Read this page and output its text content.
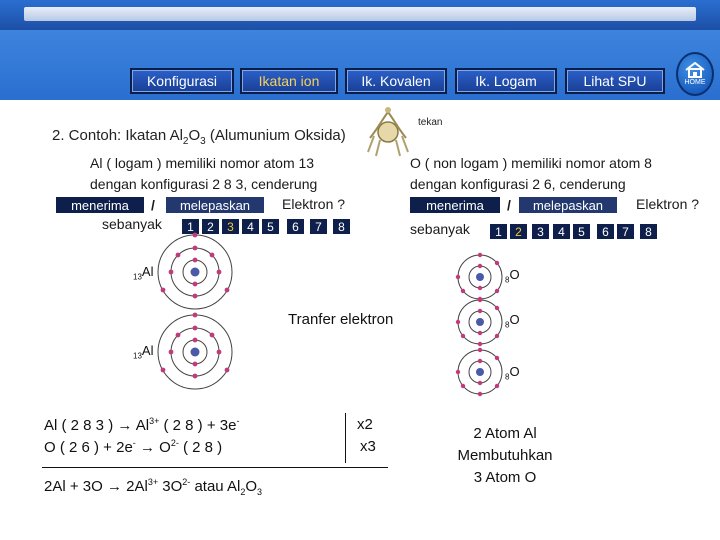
Konfigurasi	Ikatan ion	Ik. Kovalen	Ik. Logam	Lihat SPU	HOME
2. Contoh: Ikatan $Al_2O_3$ (Alumunium Oksida)
tekan
Al ( logam ) memiliki nomor atom 13
dengan konfigurasi 2 8 3, cenderung
menerima	/	melepaskan	Elektron ?
sebanyak	1	2	3	4	5	6	7	8
O ( non logam ) memiliki nomor atom 8
dengan konfigurasi 2 6, cenderung
menerima	/	melepaskan	Elektron ?
sebanyak	1	2	3	4	5	6	7	8
$_{13}$Al
$_{13}$Al
$_8$O
$_8$O
$_8$O
Tranfer elektron
Al ( 2 8 3 ) → $Al^{3+}$ ( 2 8 ) + 3e-
O ( 2 6 ) + $2e^- \to O^{2-}$ ( 2 8 )
x2
x3
$2Al + 3O \to 2Al^{3+}$ $3O^{2-}$ atau $Al_2O_3$
2 Atom Al
Membutuhkan
3 Atom O
